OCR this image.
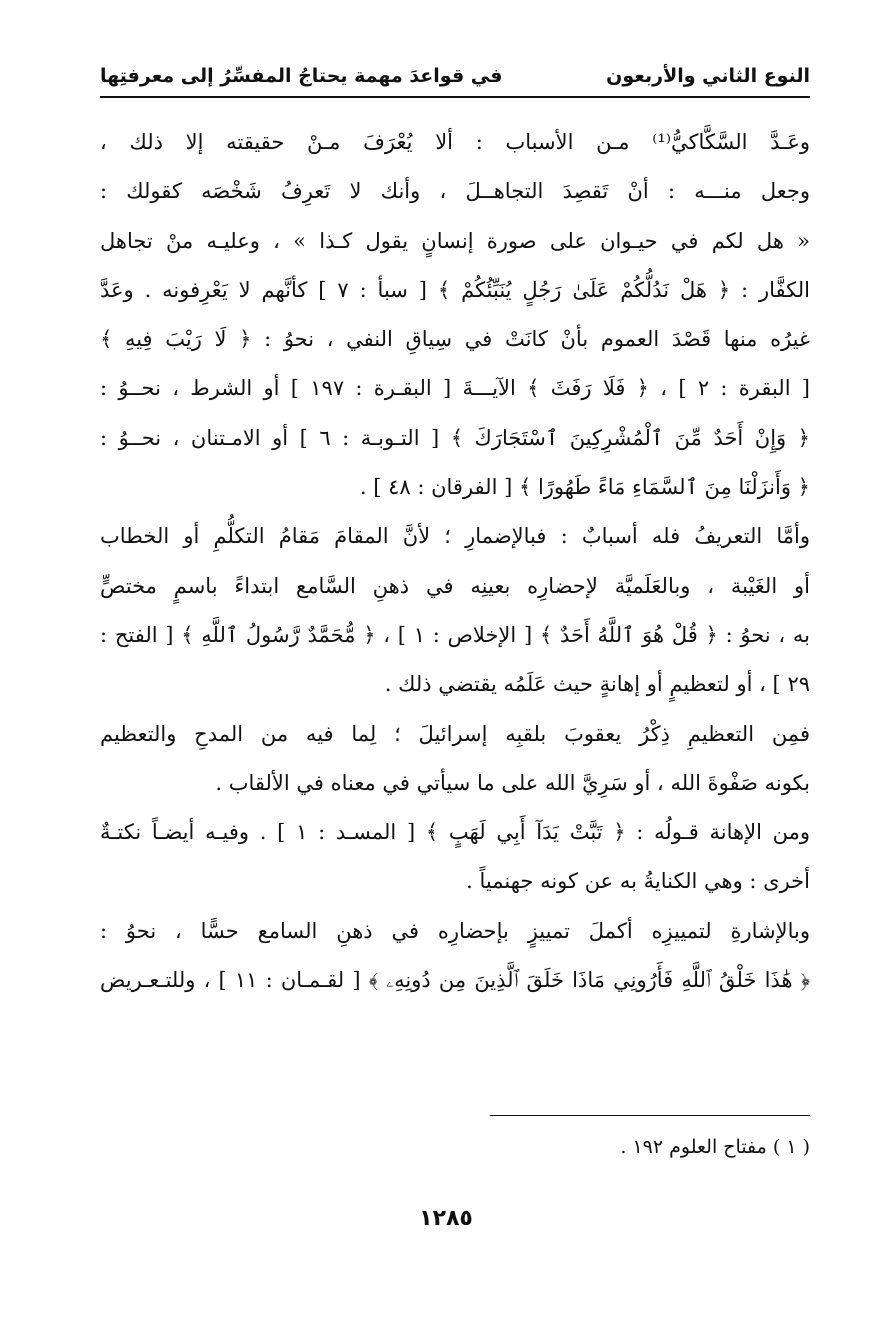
النوع الثاني والأربعون
في قواعدَ مهمة يحتاجُ المفسِّرُ إلى معرفتِها
وعَـدَّ السَّكَّاكيُّ⁽¹⁾ مـن الأسباب : ألا يُعْرَفَ مـنْ حقيقته إلا ذلك ،
وجعل منـــه : أنْ تَقصِدَ التجاهــلَ ، وأنك لا تَعرِفُ شَخْصَه كقولك :
« هل لكم في حيـوان على صورة إنسانٍ يقول كـذا » ، وعليـه منْ تجاهل
الكفَّار : ﴿ هَلْ نَدُلُّكُمْ عَلَىٰ رَجُلٍ يُنَبِّئُكُمْ ﴾ [ سبأ : ٧ ] كأنَّهم لا يَعْرِفونه . وعَدَّ
غيرُه منها قَصْدَ العموم بأنْ كانَتْ في سِياقِ النفي ، نحوُ : ﴿ لَا رَيْبَ فِيهِ ﴾
[ البقرة : ٢ ] ، ﴿ فَلَا رَفَثَ ﴾ الآيـــةَ [ البقـرة : ١٩٧ ] أو الشرط ، نحــوُ :
﴿ وَإِنْ أَحَدٌ مِّنَ ٱلْمُشْرِكِينَ ٱسْتَجَارَكَ ﴾ [ التـوبـة : ٦ ] أو الامـتنان ، نحــوُ :
﴿ وَأَنزَلْنَا مِنَ ٱلسَّمَاءِ مَاءً طَهُورًا ﴾ [ الفرقان : ٤٨ ] .
وأمَّا التعريفُ فله أسبابٌ : فبالإضمارِ ؛ لأنَّ المقامَ مَقامُ التكلُّمِ أو الخطاب
أو الغَيْبة ، وبالعَلَميَّة لإحضارِه بعينِه في ذهنِ السَّامع ابتداءً باسمٍ مختصٍّ
به ، نحوُ : ﴿ قُلْ هُوَ ٱللَّهُ أَحَدٌ ﴾ [ الإخلاص : ١ ] ، ﴿ مُّحَمَّدٌ رَّسُولُ ٱللَّهِ ﴾ [ الفتح :
٢٩ ] ، أو لتعظيمٍ أو إهانةٍ حيث عَلَمُه يقتضي ذلك .
فمِن التعظيمِ ذِكْرُ يعقوبَ بلقبِه إسرائيلَ ؛ لِما فيه من المدحِ والتعظيم
بكونه صَفْوةَ الله ، أو سَرِيَّ الله على ما سيأتي في معناه في الألقاب .
ومن الإهانة قـولُه : ﴿ تَبَّتْ يَدَآ أَبِي لَهَبٍ ﴾ [ المسـد : ١ ] . وفيـه أيضـاً نكتـةٌ
أخرى : وهي الكنايةُ به عن كونه جهنمياً .
وبالإشارةِ لتمييزِه أكملَ تمييزٍ بإحضارِه في ذهنِ السامع حسًّا ، نحوُ :
﴿ هَٰذَا خَلْقُ ٱللَّهِ فَأَرُونِي مَاذَا خَلَقَ ٱلَّذِينَ مِن دُونِهِۦ ﴾ [ لقـمـان : ١١ ] ، وللتـعـريض
( ١ ) مفتاح العلوم ١٩٢ .
١٢٨٥
